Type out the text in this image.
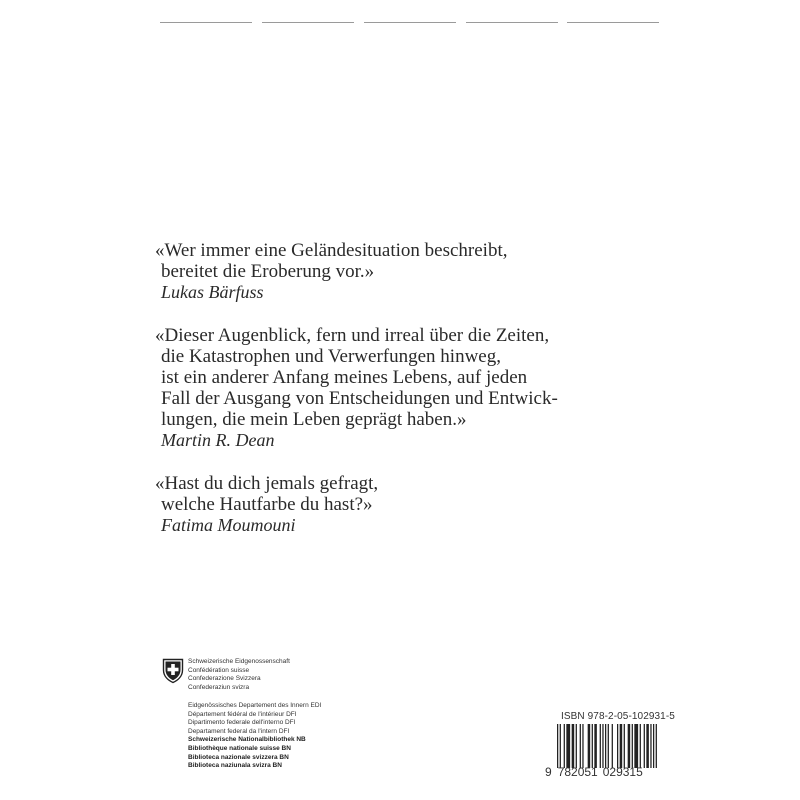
«Wer immer eine Geländesituation beschreibt,
bereitet die Eroberung vor.»
Lukas Bärfuss
«Dieser Augenblick, fern und irreal über die Zeiten,
die Katastrophen und Verwerfungen hinweg,
ist ein anderer Anfang meines Lebens, auf jeden
Fall der Ausgang von Entscheidungen und Entwick-
lungen, die mein Leben geprägt haben.»
Martin R. Dean
«Hast du dich jemals gefragt,
welche Hautfarbe du hast?»
Fatima Moumouni
Schweizerische Eidgenossenschaft
Confédération suisse
Confederazione Svizzera
Confederaziun svizra
Eidgenössisches Departement des Innern EDI
Département fédéral de l'intérieur DFI
Dipartimento federale dell'interno DFI
Departament federal da l'intern DFI
Schweizerische Nationalbibliothek NB
Bibliothèque nationale suisse BN
Biblioteca nazionale svizzera BN
Biblioteca naziunala svizra BN
ISBN 978-2-05-102931-5
9 782051 029315
